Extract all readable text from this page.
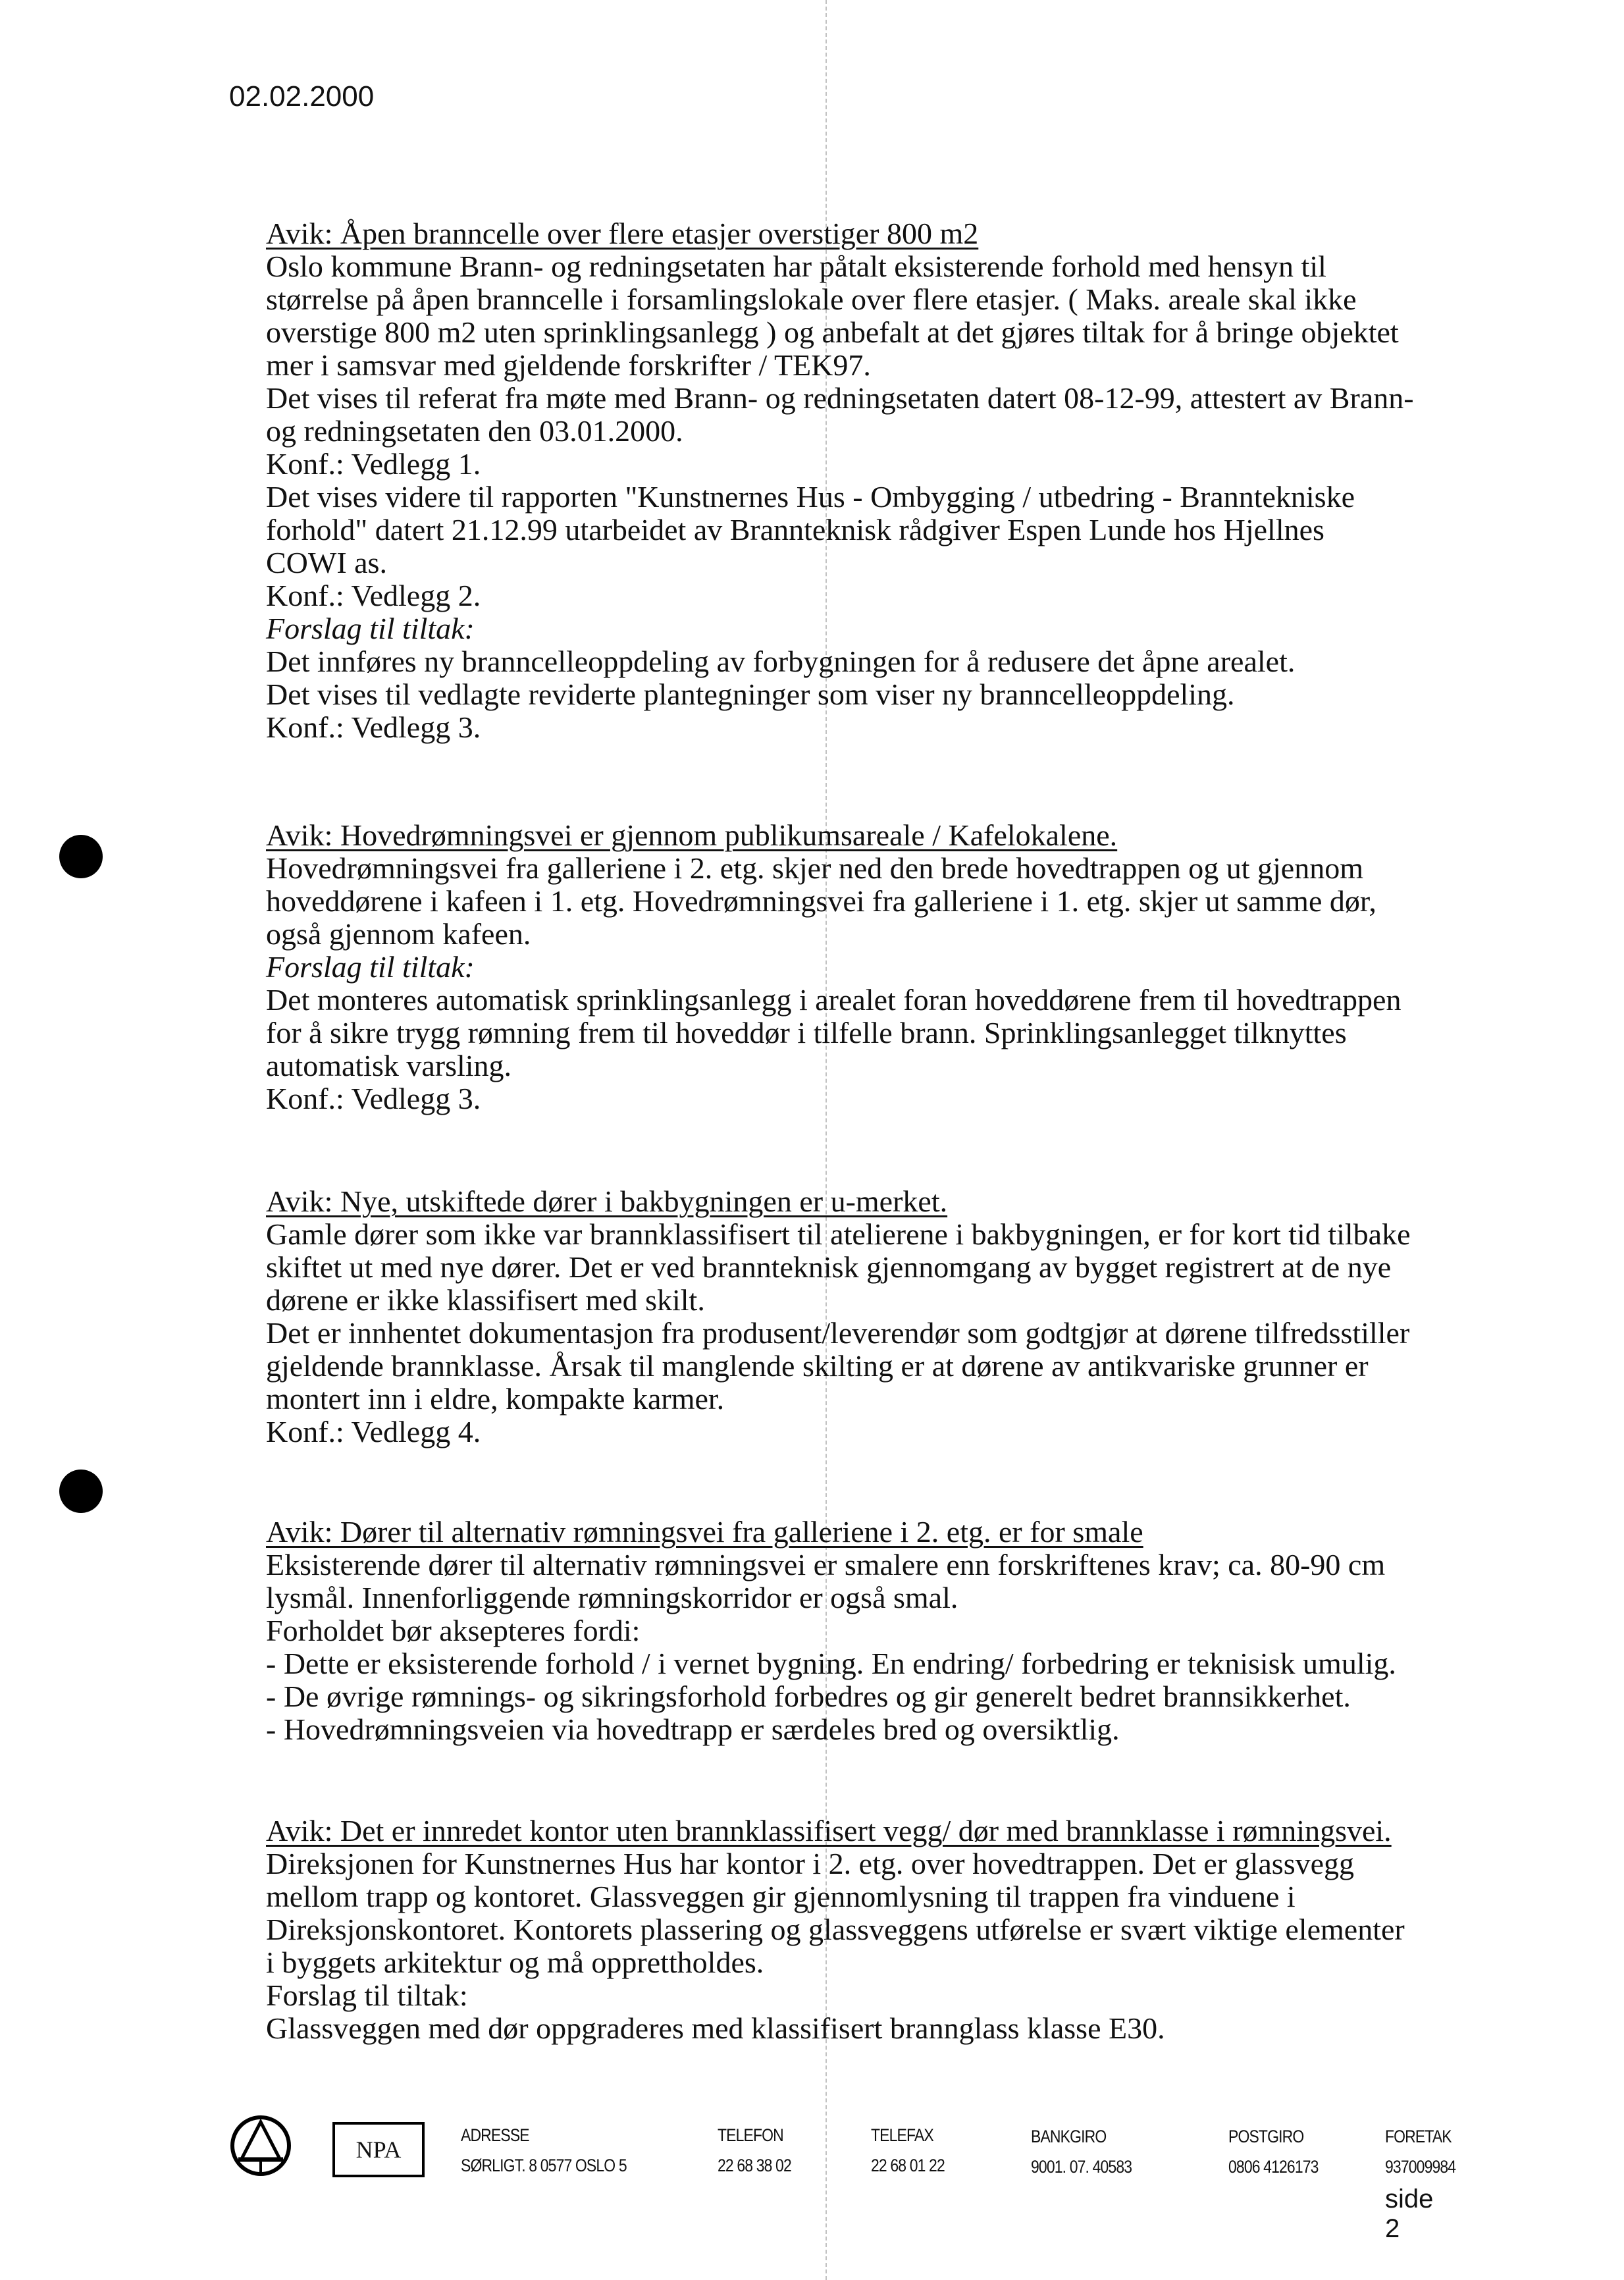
02.02.2000
Avik: Åpen branncelle over flere etasjer overstiger 800 m2
Oslo kommune Brann- og redningsetaten har påtalt eksisterende forhold med hensyn til
størrelse på åpen branncelle i forsamlingslokale over flere etasjer. ( Maks. areale skal ikke
overstige 800 m2 uten sprinklingsanlegg ) og anbefalt at det gjøres tiltak for å bringe objektet
mer i samsvar med gjeldende forskrifter / TEK97.
Det vises til referat fra møte med Brann- og redningsetaten datert 08-12-99, attestert av Brann-
og redningsetaten den 03.01.2000.
Konf.: Vedlegg 1.
Det vises videre til rapporten "Kunstnernes Hus - Ombygging / utbedring - Branntekniske
forhold" datert 21.12.99 utarbeidet av Brannteknisk rådgiver Espen Lunde hos Hjellnes
COWI as.
Konf.: Vedlegg 2.
Forslag til tiltak:
Det innføres ny branncelleoppdeling av forbygningen for å redusere det åpne arealet.
Det vises til vedlagte reviderte plantegninger som viser ny branncelleoppdeling.
Konf.: Vedlegg 3.
Avik: Hovedrømningsvei er gjennom publikumsareale / Kafelokalene.
Hovedrømningsvei fra galleriene i 2. etg. skjer ned den brede hovedtrappen og ut gjennom
hoveddørene i kafeen i 1. etg. Hovedrømningsvei fra galleriene i 1. etg. skjer ut samme dør,
også gjennom kafeen.
Forslag til tiltak:
Det monteres automatisk sprinklingsanlegg i arealet foran hoveddørene frem til hovedtrappen
for å sikre trygg rømning frem til hoveddør i tilfelle brann. Sprinklingsanlegget tilknyttes
automatisk varsling.
Konf.: Vedlegg 3.
Avik: Nye, utskiftede dører i bakbygningen er u-merket.
Gamle dører som ikke var brannklassifisert til atelierene i bakbygningen, er for kort tid tilbake
skiftet ut med nye dører. Det er ved brannteknisk gjennomgang av bygget registrert at de nye
dørene er ikke klassifisert med skilt.
Det er innhentet dokumentasjon fra produsent/leverendør som godtgjør at dørene tilfredsstiller
gjeldende brannklasse. Årsak til manglende skilting er at dørene av antikvariske grunner er
montert inn i eldre, kompakte karmer.
Konf.: Vedlegg 4.
Avik: Dører til alternativ rømningsvei fra galleriene i 2. etg. er for smale
Eksisterende dører til alternativ rømningsvei er smalere enn forskriftenes krav; ca. 80-90 cm
lysmål. Innenforliggende rømningskorridor er også smal.
Forholdet bør aksepteres fordi:
- Dette er eksisterende forhold / i vernet bygning. En endring/ forbedring er teknisisk umulig.
- De øvrige rømnings- og sikringsforhold forbedres og gir generelt bedret brannsikkerhet.
- Hovedrømningsveien via hovedtrapp er særdeles bred og oversiktlig.
Avik: Det er innredet kontor uten brannklassifisert vegg/ dør med brannklasse i rømningsvei.
Direksjonen for Kunstnernes Hus har kontor i 2. etg. over hovedtrappen. Det er glassvegg
mellom trapp og kontoret. Glassveggen gir gjennomlysning til trappen fra vinduene i
Direksjonskontoret. Kontorets plassering og glassveggens utførelse er svært viktige elementer
i byggets arkitektur og må opprettholdes.
Forslag til tiltak:
Glassveggen med dør oppgraderes med klassifisert brannglass klasse E30.
NPA
ADRESSE
SØRLIGT. 8 0577 OSLO 5
TELEFON
22 68 38 02
TELEFAX
22 68 01 22
BANKGIRO
9001. 07. 40583
POSTGIRO
0806 4126173
FORETAK
937009984
side 2
